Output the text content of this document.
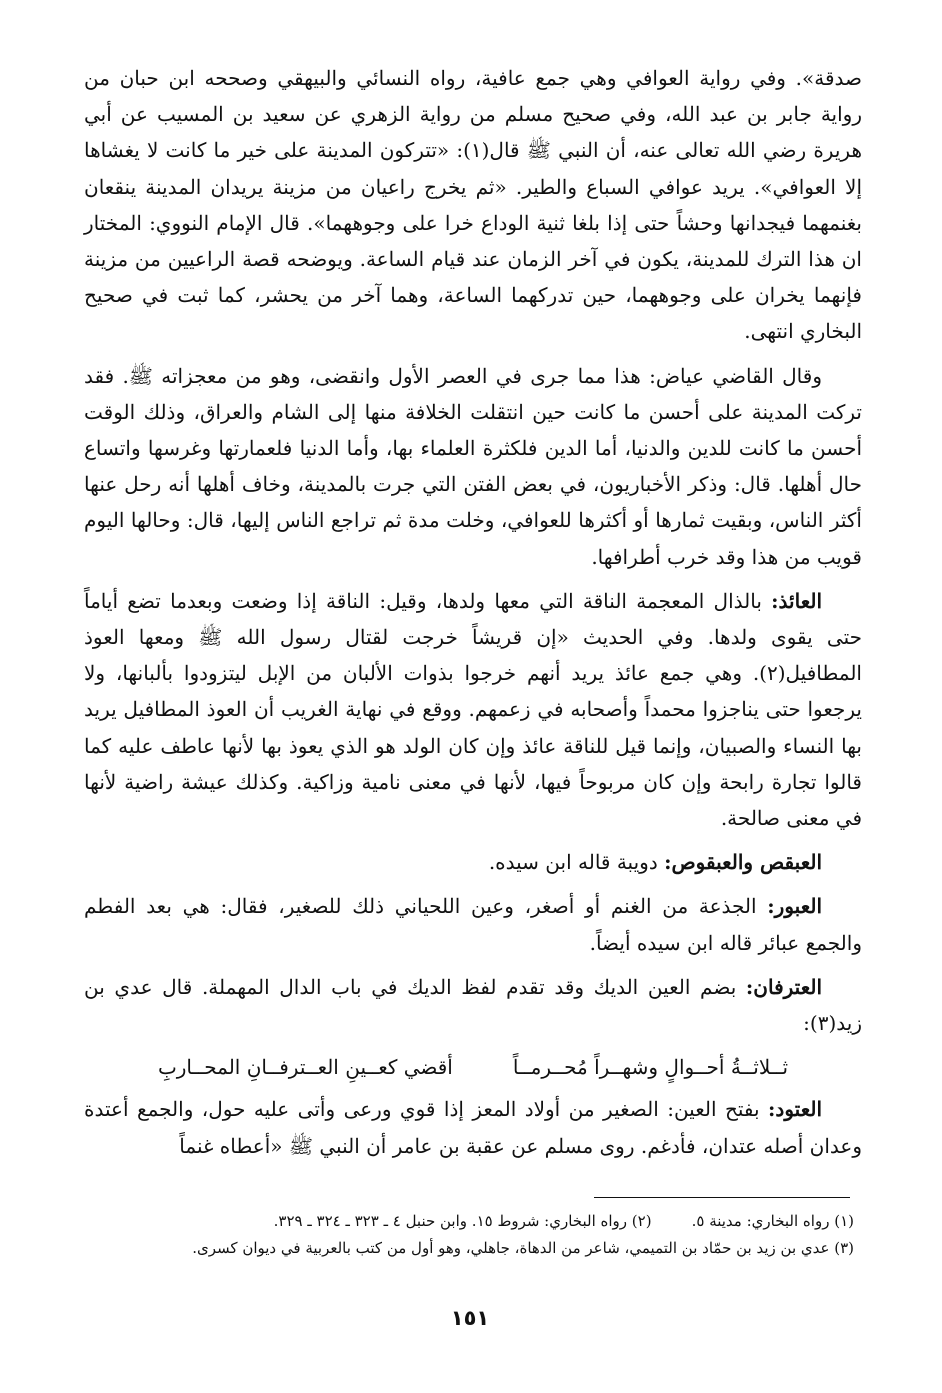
صدقة». وفي رواية العوافي وهي جمع عافية، رواه النسائي والبيهقي وصححه ابن حبان من رواية جابر بن عبد الله، وفي صحيح مسلم من رواية الزهري عن سعيد بن المسيب عن أبي هريرة رضي الله تعالى عنه، أن النبي ﷺ قال(١): «تتركون المدينة على خير ما كانت لا يغشاها إلا العوافي». يريد عوافي السباع والطير. «ثم يخرج راعيان من مزينة يريدان المدينة ينقعان بغنمهما فيجدانها وحشاً حتى إذا بلغا ثنية الوداع خرا على وجوههما». قال الإمام النووي: المختار ان هذا الترك للمدينة، يكون في آخر الزمان عند قيام الساعة. ويوضحه قصة الراعيين من مزينة فإنهما يخران على وجوههما، حين تدركهما الساعة، وهما آخر من يحشر، كما ثبت في صحيح البخاري انتهى.

وقال القاضي عياض: هذا مما جرى في العصر الأول وانقضى، وهو من معجزاته ﷺ. فقد تركت المدينة على أحسن ما كانت حين انتقلت الخلافة منها إلى الشام والعراق، وذلك الوقت أحسن ما كانت للدين والدنيا، أما الدين فلكثرة العلماء بها، وأما الدنيا فلعمارتها وغرسها واتساع حال أهلها. قال: وذكر الأخباريون، في بعض الفتن التي جرت بالمدينة، وخاف أهلها أنه رحل عنها أكثر الناس، وبقيت ثمارها أو أكثرها للعوافي، وخلت مدة ثم تراجع الناس إليها، قال: وحالها اليوم قويب من هذا وقد خرب أطرافها.

العائذ: بالذال المعجمة الناقة التي معها ولدها، وقيل: الناقة إذا وضعت وبعدما تضع أياماً حتى يقوى ولدها. وفي الحديث «إن قريشاً خرجت لقتال رسول الله ﷺ ومعها العوذ المطافيل(٢). وهي جمع عائذ يريد أنهم خرجوا بذوات الألبان من الإبل ليتزودوا بألبانها، ولا يرجعوا حتى يناجزوا محمداً وأصحابه في زعمهم. ووقع في نهاية الغريب أن العوذ المطافيل يريد بها النساء والصبيان، وإنما قيل للناقة عائذ وإن كان الولد هو الذي يعوذ بها لأنها عاطف عليه كما قالوا تجارة رابحة وإن كان مربوحاً فيها، لأنها في معنى نامية وزاكية. وكذلك عيشة راضية لأنها في معنى صالحة.

العبقص والعبقوص: دويبة قاله ابن سيده.

العبور: الجذعة من الغنم أو أصغر، وعين اللحياني ذلك للصغير، فقال: هي بعد الفطم والجمع عبائر قاله ابن سيده أيضاً.

العترفان: بضم العين الديك وقد تقدم لفظ الديك في باب الدال المهملة. قال عدي بن زيد(٣):

ثــلاثــةُ أحــوالٍ وشهــراً مُحــرمــاً
أقضي كعــينِ العــترفــانِ المحــاربِ

العتود: بفتح العين: الصغير من أولاد المعز إذا قوي ورعى وأتى عليه حول، والجمع أعتدة وعدان أصله عتدان، فأدغم. روى مسلم عن عقبة بن عامر أن النبي ﷺ «أعطاه غنماً

(١) رواه البخاري: مدينة ٥.
(٢) رواه البخاري: شروط ١٥. وابن حنبل ٤ ـ ٣٢٣ ـ ٣٢٤ ـ ٣٢٩.
(٣) عدي بن زيد بن حمّاد بن التميمي، شاعر من الدهاة، جاهلي، وهو أول من كتب بالعربية في ديوان كسرى.
١٥١
